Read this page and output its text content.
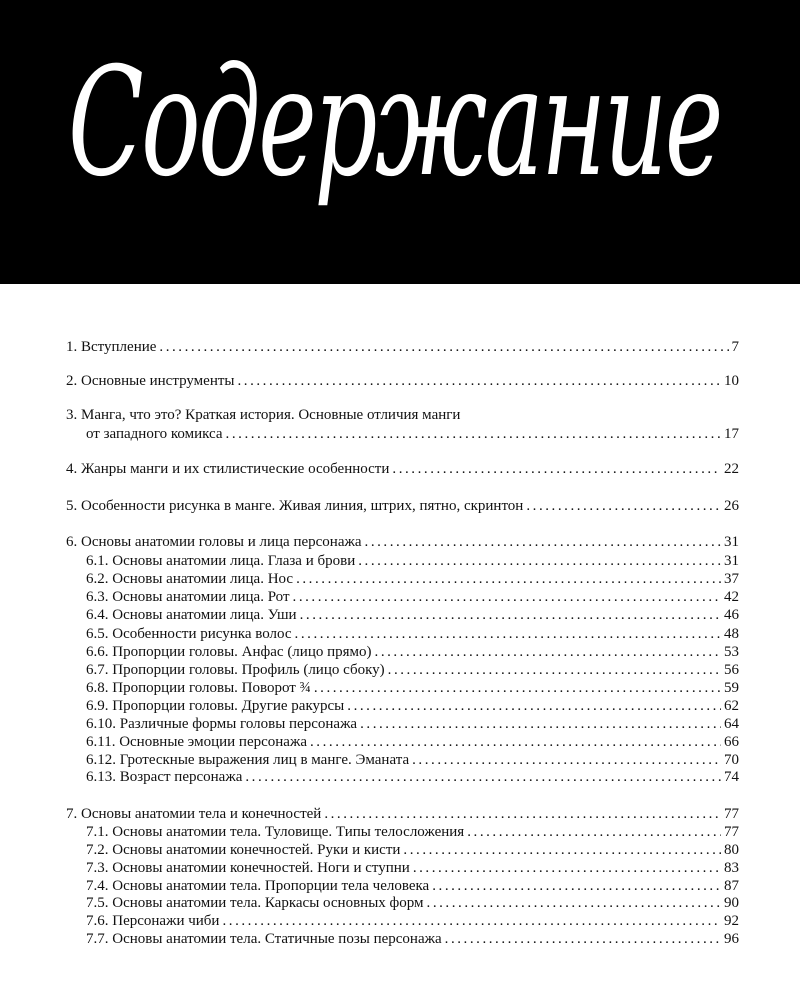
Содержание
1. Вступление . . .	7
2. Основные инструменты . . .	10
3. Манга, что это? Краткая история. Основные отличия манги
от западного комикса . . .	17
4. Жанры манги и их стилистические особенности . . .	22
5. Особенности рисунка в манге. Живая линия, штрих, пятно, скринтон . . .	26
6. Основы анатомии головы и лица персонажа . . .	31
6.1. Основы анатомии лица. Глаза и брови . . .	31
6.2. Основы анатомии лица. Нос . . .	37
6.3. Основы анатомии лица. Рот . . .	42
6.4. Основы анатомии лица. Уши . . .	46
6.5. Особенности рисунка волос . . .	48
6.6. Пропорции головы. Анфас (лицо прямо) . . .	53
6.7. Пропорции головы. Профиль (лицо сбоку) . . .	56
6.8. Пропорции головы. Поворот ¾ . . .	59
6.9. Пропорции головы. Другие ракурсы . . .	62
6.10. Различные формы головы персонажа . . .	64
6.11. Основные эмоции персонажа . . .	66
6.12. Гротескные выражения лиц в манге. Эманата . . .	70
6.13. Возраст персонажа . . .	74
7. Основы анатомии тела и конечностей . . .	77
7.1. Основы анатомии тела. Туловище. Типы телосложения . . .	77
7.2. Основы анатомии конечностей. Руки и кисти . . .	80
7.3. Основы анатомии конечностей. Ноги и ступни . . .	83
7.4. Основы анатомии тела. Пропорции тела человека . . .	87
7.5. Основы анатомии тела. Каркасы основных форм . . .	90
7.6. Персонажи чиби . . .	92
7.7. Основы анатомии тела. Статичные позы персонажа . . .	96
